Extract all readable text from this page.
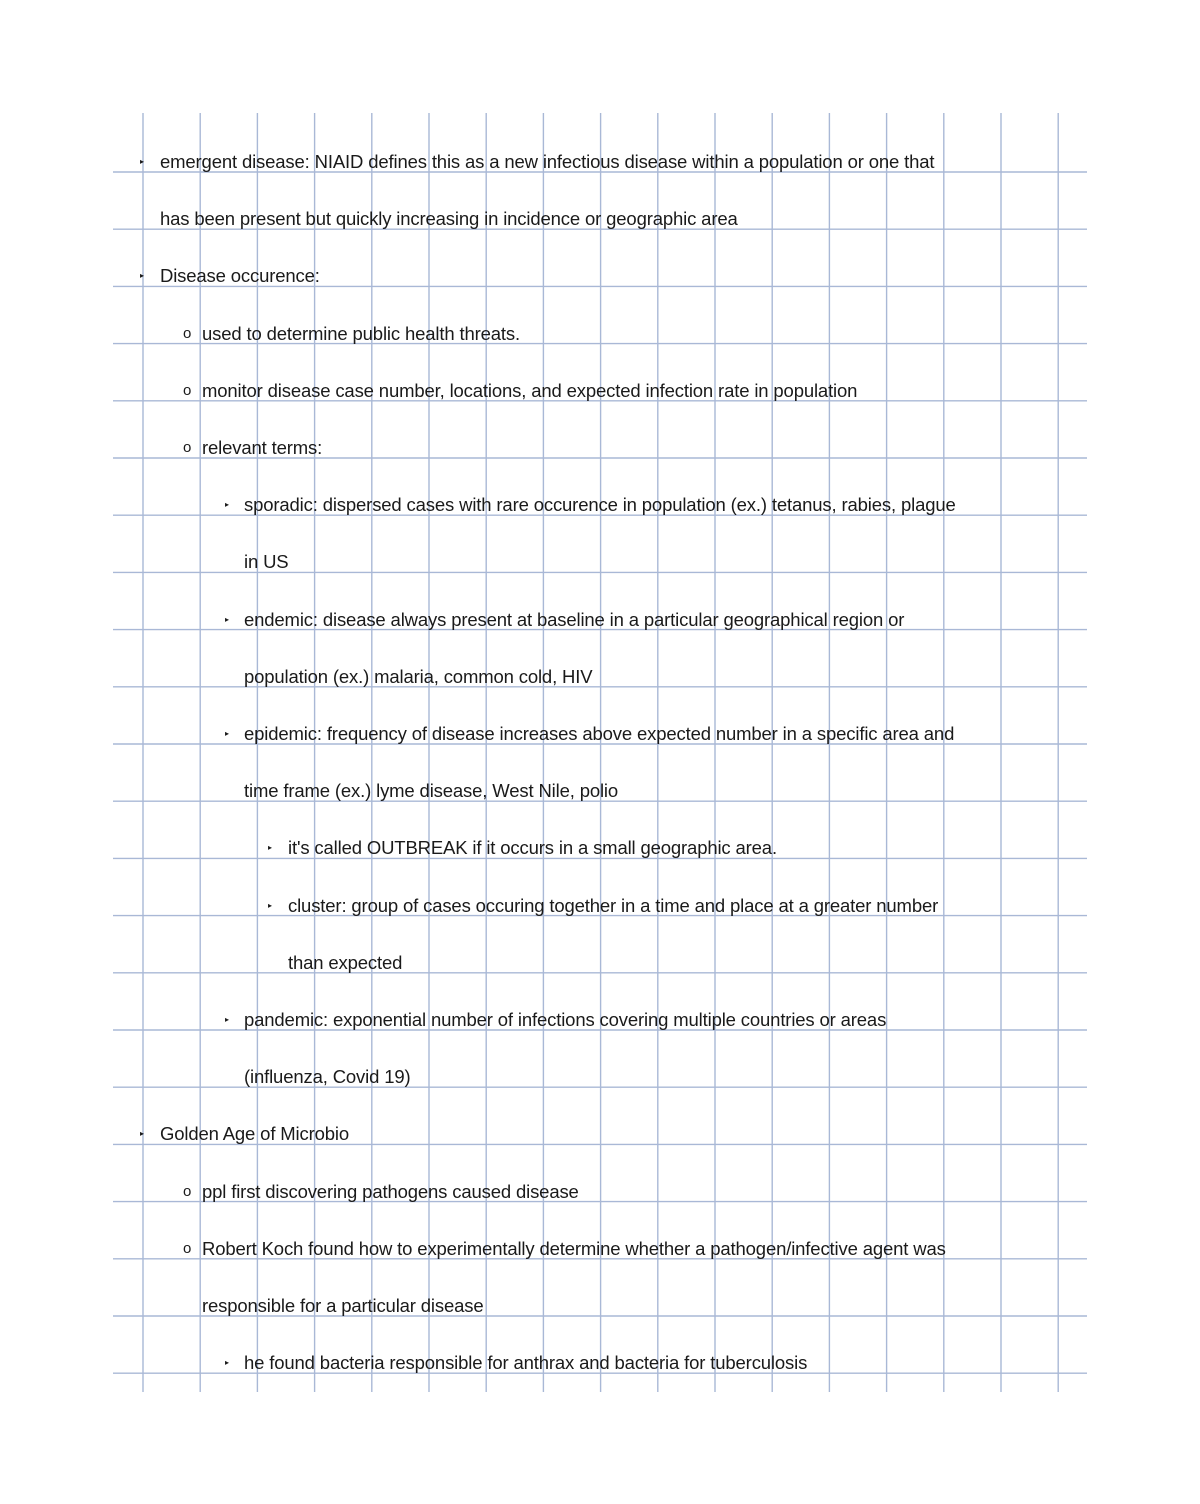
▸ emergent disease: NIAID defines this as a new infectious disease within a population or one that
has been present but quickly increasing in incidence or geographic area
▸ Disease occurence:
o used to determine public health threats.
o monitor disease case number, locations, and expected infection rate in population
o relevant terms:
▸ sporadic: dispersed cases with rare occurence in population (ex.) tetanus, rabies, plague
in US
▸ endemic: disease always present at baseline in a particular geographical region or
population (ex.) malaria, common cold, HIV
▸ epidemic: frequency of disease increases above expected number in a specific area and
time frame (ex.) lyme disease, West Nile, polio
▸ it's called OUTBREAK if it occurs in a small geographic area.
▸ cluster: group of cases occuring together in a time and place at a greater number
than expected
▸ pandemic: exponential number of infections covering multiple countries or areas
(influenza, Covid 19)
▸ Golden Age of Microbio
o ppl first discovering pathogens caused disease
o Robert Koch found how to experimentally determine whether a pathogen/infective agent was
responsible for a particular disease
▸ he found bacteria responsible for anthrax and bacteria for tuberculosis
